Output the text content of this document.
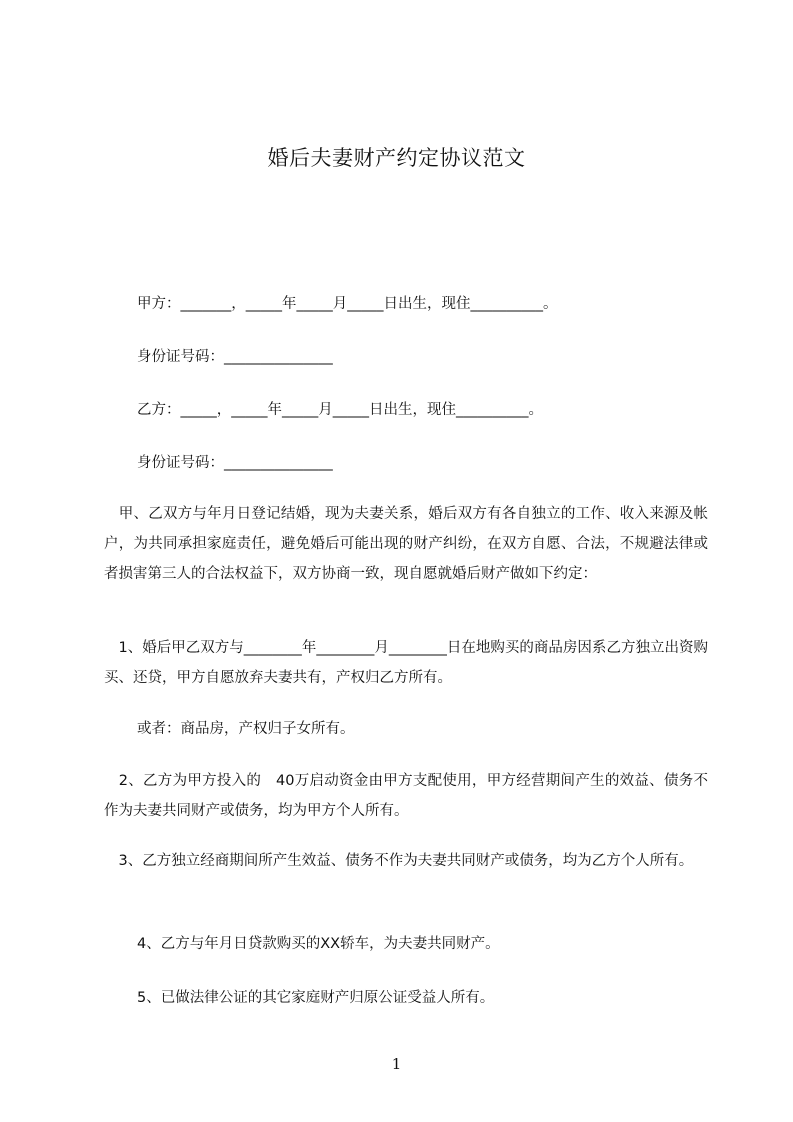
婚后夫妻财产约定协议范文
甲方：_______，_____年_____月_____日出生，现住__________。
身份证号码：_______________
乙方：_____，_____年_____月_____日出生，现住__________。
身份证号码：_______________
　甲、乙双方与年月日登记结婚，现为夫妻关系，婚后双方有各自独立的工作、收入来源及帐户，为共同承担家庭责任，避免婚后可能出现的财产纠纷，在双方自愿、合法，不规避法律或者损害第三人的合法权益下，双方协商一致，现自愿就婚后财产做如下约定：
　1、婚后甲乙双方与________年________月________日在地购买的商品房因系乙方独立出资购买、还贷，甲方自愿放弃夫妻共有，产权归乙方所有。
或者：商品房，产权归子女所有。
　2、乙方为甲方投入的　40万启动资金由甲方支配使用，甲方经营期间产生的效益、债务不作为夫妻共同财产或债务，均为甲方个人所有。
　3、乙方独立经商期间所产生效益、债务不作为夫妻共同财产或债务，均为乙方个人所有。
4、乙方与年月日贷款购买的XX轿车，为夫妻共同财产。
5、已做法律公证的其它家庭财产归原公证受益人所有。
1
